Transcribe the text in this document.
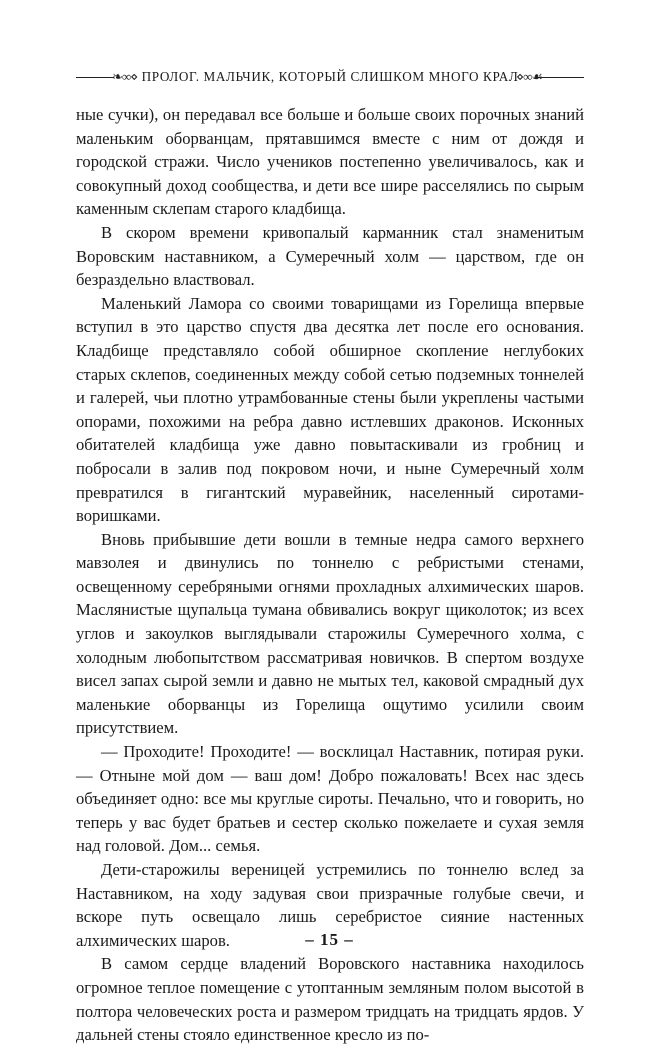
❧∞⋄ ПРОЛОГ. МАЛЬЧИК, КОТОРЫЙ СЛИШКОМ МНОГО КРАЛ
⋄∞☙

ные сучки), он передавал все больше и больше своих порочных знаний маленьким оборванцам, прятавшимся вместе с ним от дождя и городской стражи. Число учеников постепенно увеличивалось, как и совокупный доход сообщества, и дети все шире расселялись по сырым каменным склепам старого кладбища.

В скором времени кривопалый карманник стал знаменитым Воровским наставником, а Сумеречный холм — царством, где он безраздельно властвовал.

Маленький Ламора со своими товарищами из Горелища впервые вступил в это царство спустя два десятка лет после его основания. Кладбище представляло собой обширное скопление неглубоких старых склепов, соединенных между собой сетью подземных тоннелей и галерей, чьи плотно утрамбованные стены были укреплены частыми опорами, похожими на ребра давно истлевших драконов. Исконных обитателей кладбища уже давно повытаскивали из гробниц и побросали в залив под покровом ночи, и ныне Сумеречный холм превратился в гигантский муравейник, населенный сиротами-воришками.

Вновь прибывшие дети вошли в темные недра самого верхнего мавзолея и двинулись по тоннелю с ребристыми стенами, освещенному серебряными огнями прохладных алхимических шаров. Маслянистые щупальца тумана обвивались вокруг щиколоток; из всех углов и закоулков выглядывали старожилы Сумеречного холма, с холодным любопытством рассматривая новичков. В спертом воздухе висел запах сырой земли и давно не мытых тел, каковой смрадный дух маленькие оборванцы из Горелища ощутимо усилили своим присутствием.

— Проходите! Проходите! — восклицал Наставник, потирая руки. — Отныне мой дом — ваш дом! Добро пожаловать! Всех нас здесь объединяет одно: все мы круглые сироты. Печально, что и говорить, но теперь у вас будет братьев и сестер сколько пожелаете и сухая земля над головой. Дом... семья.

Дети-старожилы вереницей устремились по тоннелю вслед за Наставником, на ходу задувая свои призрачные голубые свечи, и вскоре путь освещало лишь серебристое сияние настенных алхимических шаров.

В самом сердце владений Воровского наставника находилось огромное теплое помещение с утоптанным земляным полом высотой в полтора человеческих роста и размером тридцать на тридцать ярдов. У дальней стены стояло единственное кресло из по-

– 15 –
